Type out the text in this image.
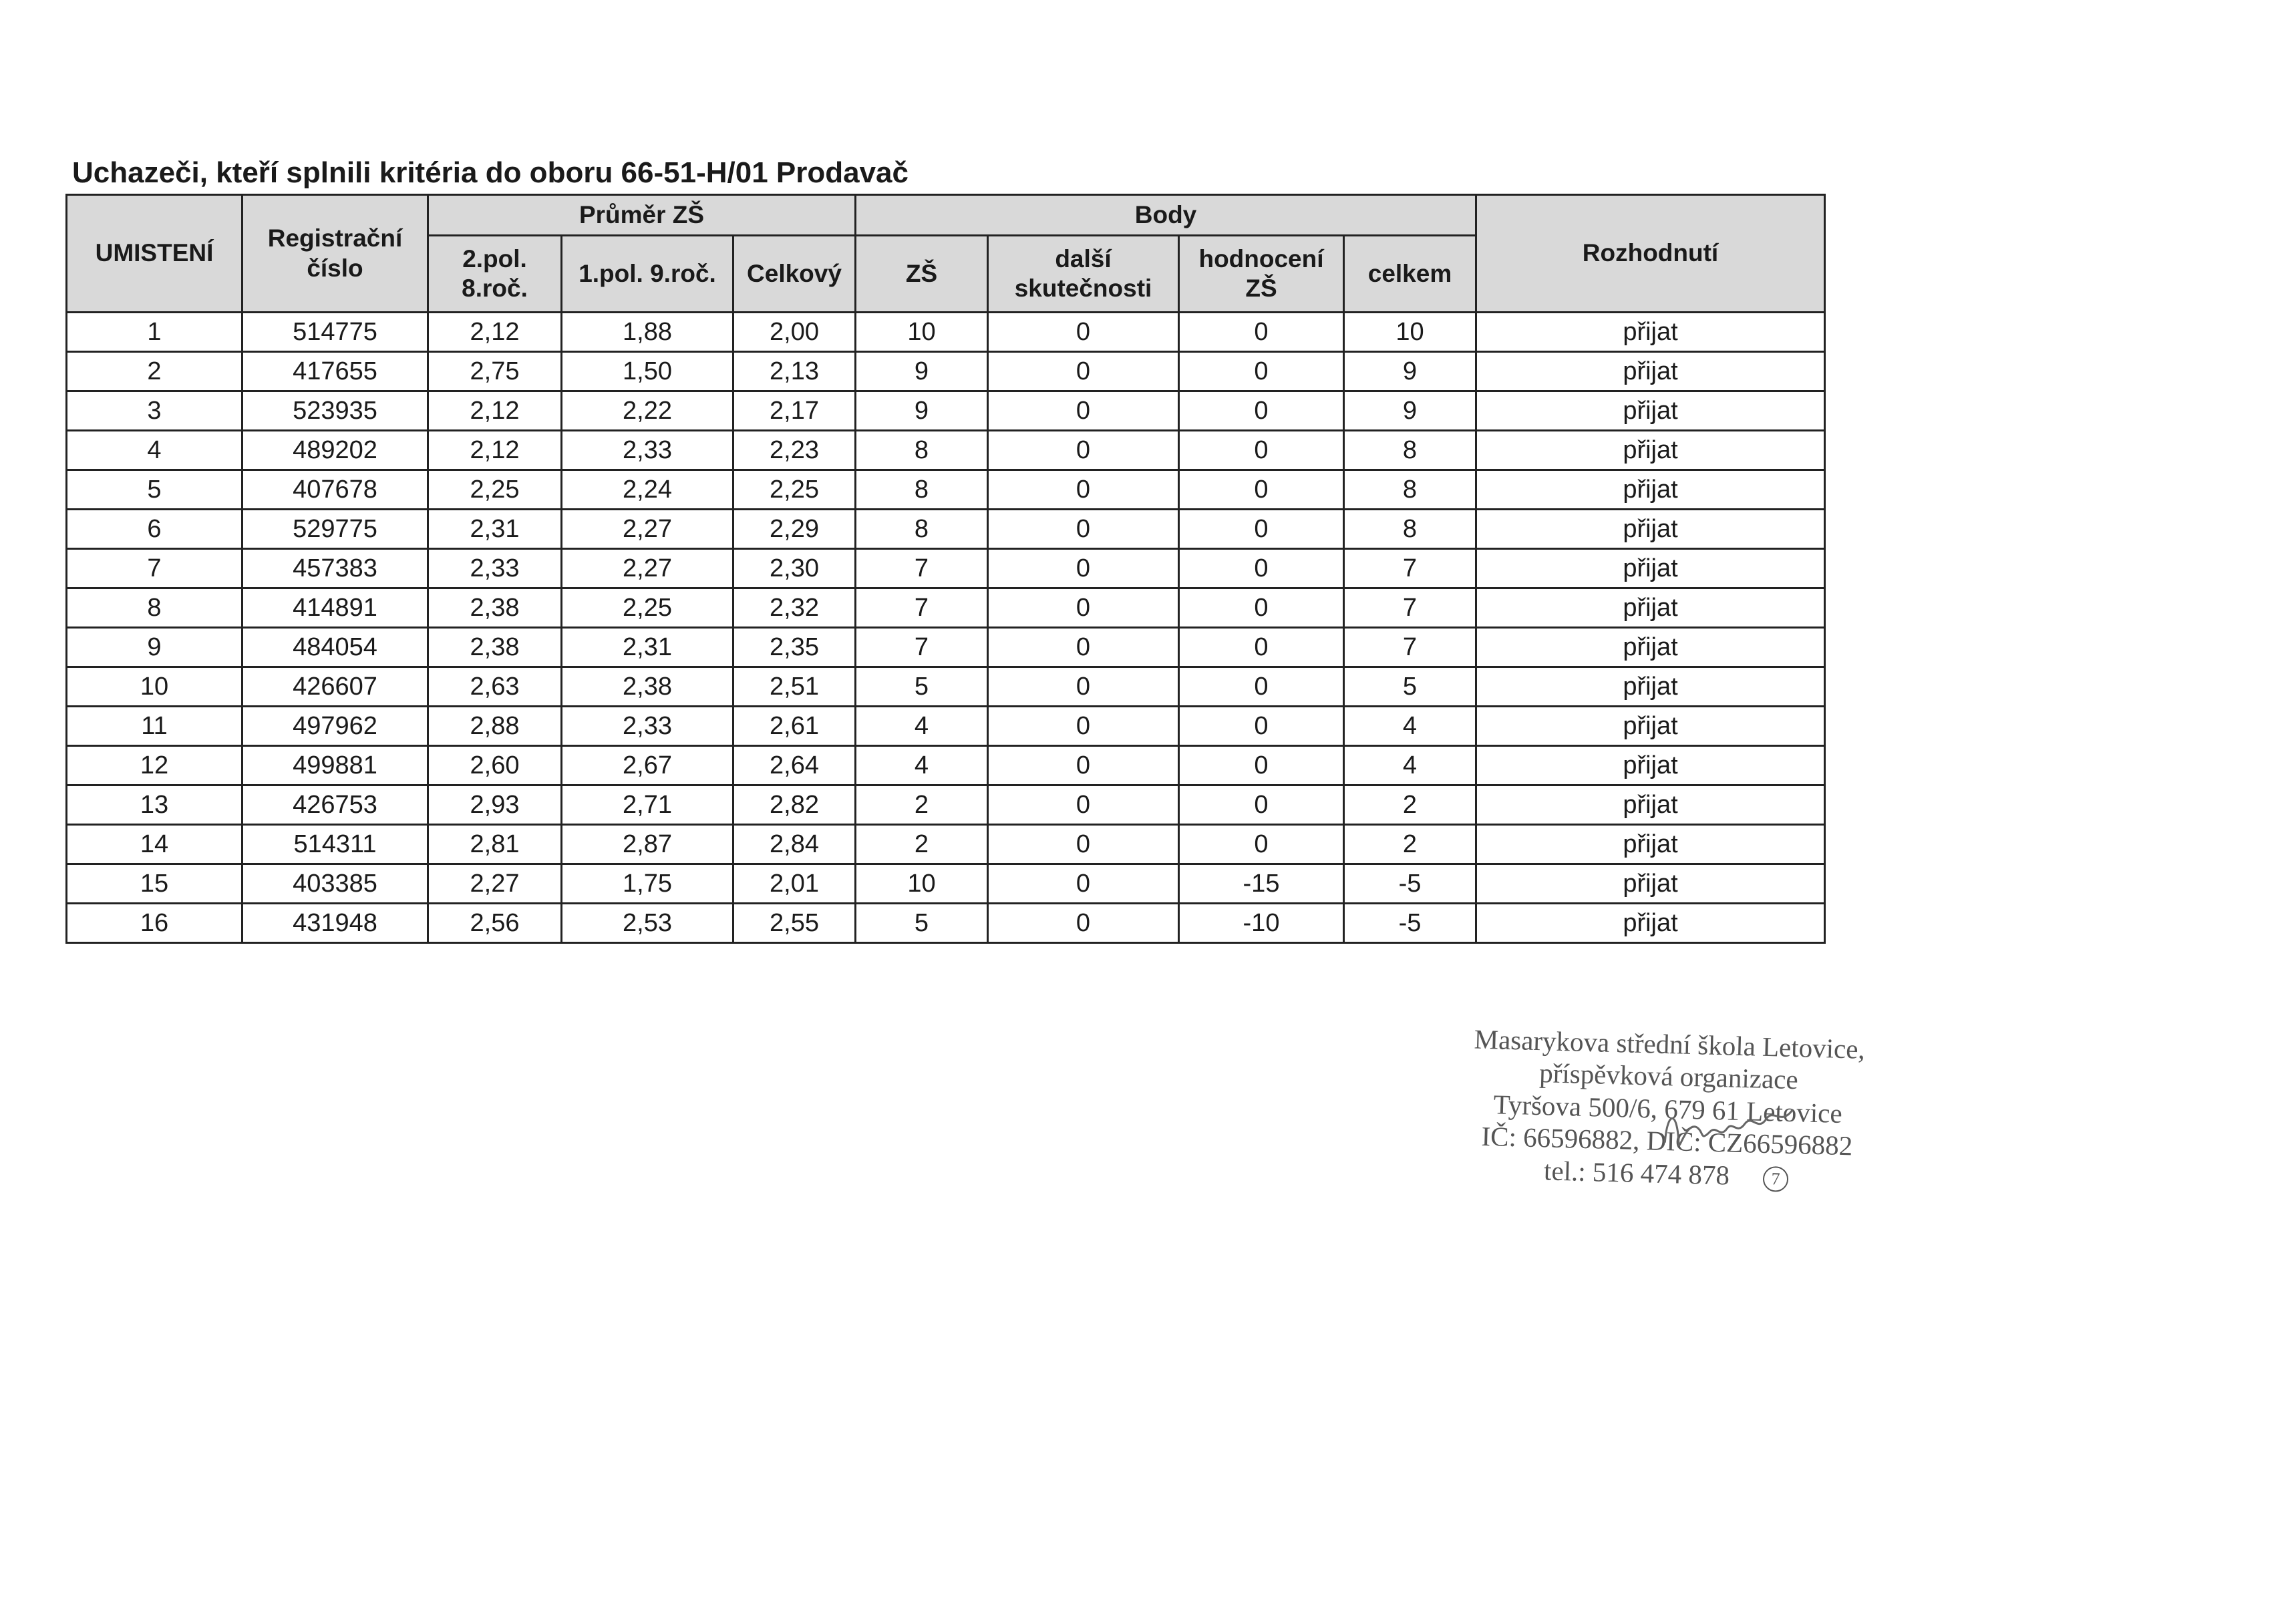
Uchazeči, kteří splnili kritéria do oboru 66-51-H/01 Prodavač
UMISTENÍ	Registrační číslo	Průměr ZŠ			Body				Rozhodnutí
		2.pol. 8.roč.	1.pol. 9.roč.	Celkový	ZŠ	další skutečnosti	hodnocení ZŠ	celkem	
1	514775	2,12	1,88	2,00	10	0	0	10	přijat
2	417655	2,75	1,50	2,13	9	0	0	9	přijat
3	523935	2,12	2,22	2,17	9	0	0	9	přijat
4	489202	2,12	2,33	2,23	8	0	0	8	přijat
5	407678	2,25	2,24	2,25	8	0	0	8	přijat
6	529775	2,31	2,27	2,29	8	0	0	8	přijat
7	457383	2,33	2,27	2,30	7	0	0	7	přijat
8	414891	2,38	2,25	2,32	7	0	0	7	přijat
9	484054	2,38	2,31	2,35	7	0	0	7	přijat
10	426607	2,63	2,38	2,51	5	0	0	5	přijat
11	497962	2,88	2,33	2,61	4	0	0	4	přijat
12	499881	2,60	2,67	2,64	4	0	0	4	přijat
13	426753	2,93	2,71	2,82	2	0	0	2	přijat
14	514311	2,81	2,87	2,84	2	0	0	2	přijat
15	403385	2,27	1,75	2,01	10	0	-15	-5	přijat
16	431948	2,56	2,53	2,55	5	0	-10	-5	přijat
Masarykova střední škola Letovice,
příspěvková organizace
Tyršova 500/6, 679 61 Letovice
IČ: 66596882, DIČ: CZ66596882
tel.: 516 474 878 7
